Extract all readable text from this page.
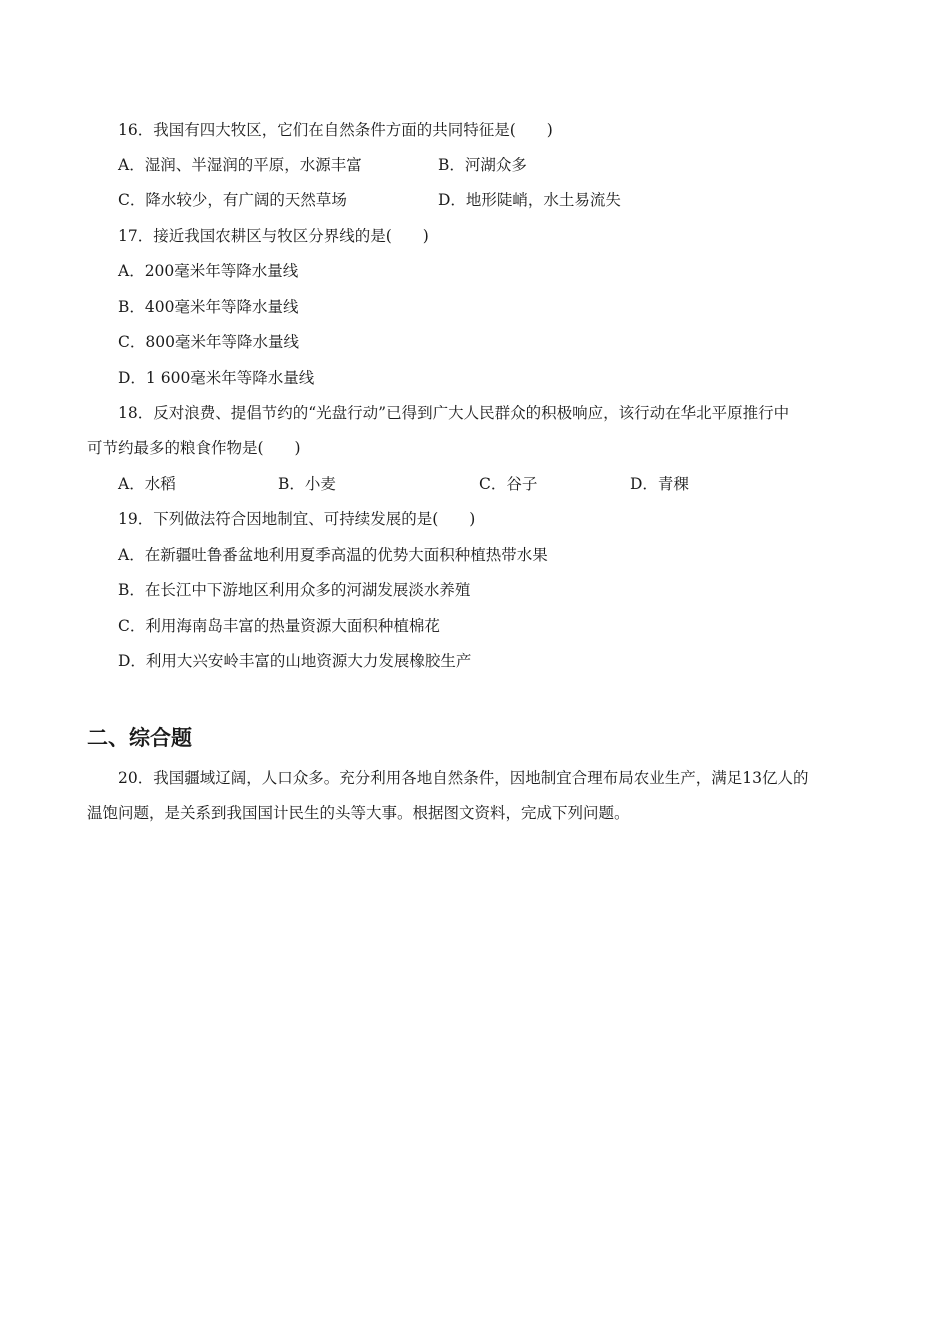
16．我国有四大牧区，它们在自然条件方面的共同特征是(　　)
A．湿润、半湿润的平原，水源丰富	B．河湖众多
C．降水较少，有广阔的天然草场	D．地形陡峭，水土易流失
17．接近我国农耕区与牧区分界线的是(　　)
A．200毫米年等降水量线
B．400毫米年等降水量线
C．800毫米年等降水量线
D．1 600毫米年等降水量线
18．反对浪费、提倡节约的“光盘行动”已得到广大人民群众的积极响应，该行动在华北平原推行中
可节约最多的粮食作物是(　　)
A．水稻	B．小麦	C．谷子	D．青稞
19．下列做法符合因地制宜、可持续发展的是(　　)
A．在新疆吐鲁番盆地利用夏季高温的优势大面积种植热带水果
B．在长江中下游地区利用众多的河湖发展淡水养殖
C．利用海南岛丰富的热量资源大面积种植棉花
D．利用大兴安岭丰富的山地资源大力发展橡胶生产
二、综合题
20．我国疆域辽阔，人口众多。充分利用各地自然条件，因地制宜合理布局农业生产，满足13亿人的
温饱问题，是关系到我国国计民生的头等大事。根据图文资料，完成下列问题。
